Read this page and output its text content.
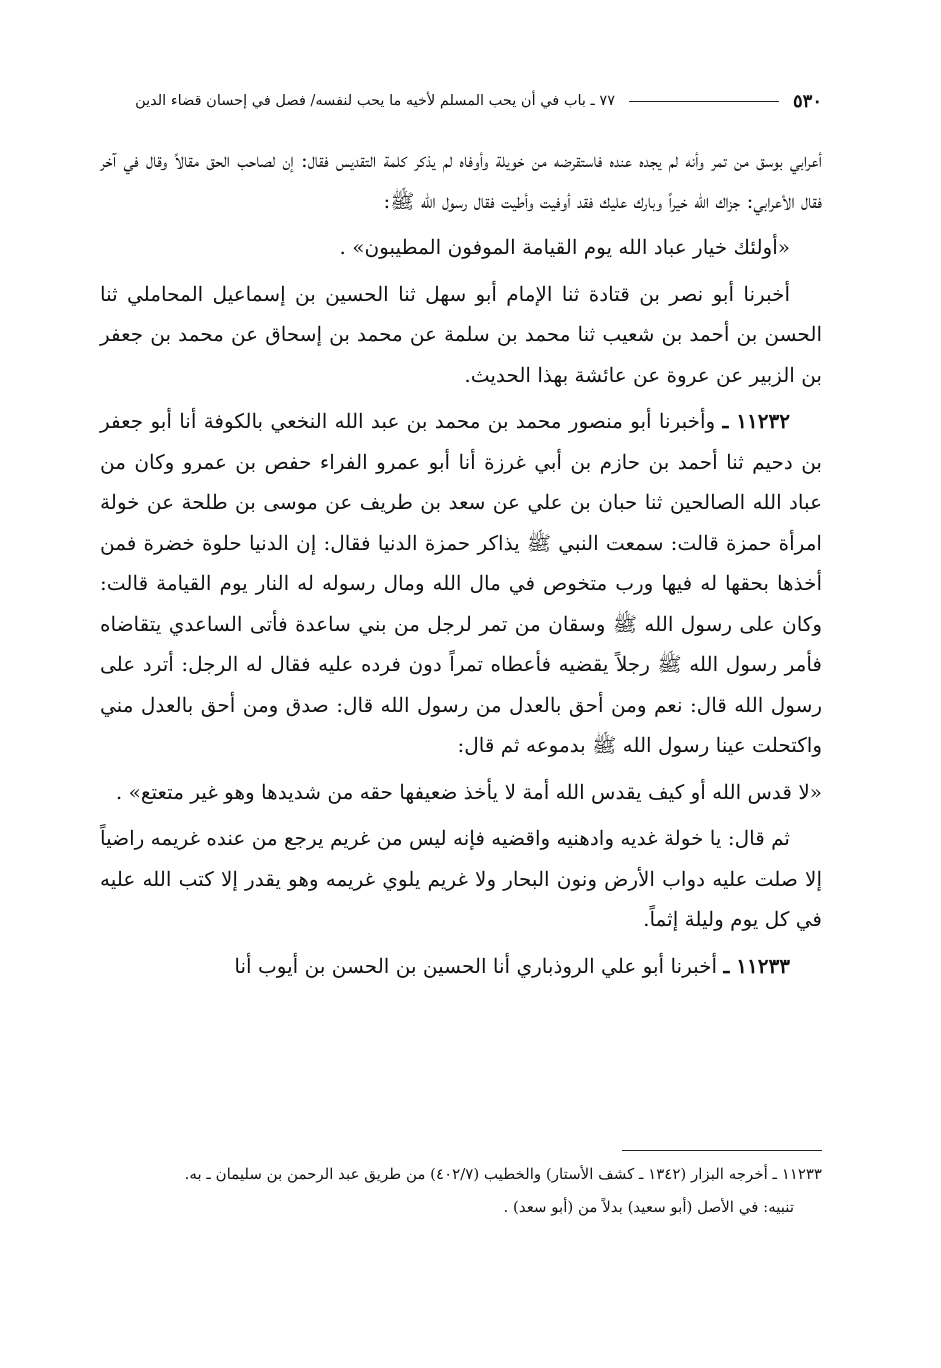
٥٣٠
٧٧ ـ باب في أن يحب المسلم لأخيه ما يحب لنفسه/ فصل في إحسان قضاء الدين

أعرابي بوسق من تمر وأنه لم يجده عنده فاستقرضه من خويلة وأوفاه لم يذكر كلمة التقديس فقال: إن لصاحب الحق مقالاً وقال في آخر فقال الأعرابي: جزاك الله خيراً وبارك عليك فقد أوفيت وأطيت فقال رسول الله ﷺ:

«أولئك خيار عباد الله يوم القيامة الموفون المطيبون» .

أخبرنا أبو نصر بن قتادة ثنا الإمام أبو سهل ثنا الحسين بن إسماعيل المحاملي ثنا الحسن بن أحمد بن شعيب ثنا محمد بن سلمة عن محمد بن إسحاق عن محمد بن جعفر بن الزبير عن عروة عن عائشة بهذا الحديث.

١١٢٣٢ ـ وأخبرنا أبو منصور محمد بن محمد بن عبد الله النخعي بالكوفة أنا أبو جعفر بن دحيم ثنا أحمد بن حازم بن أبي غرزة أنا أبو عمرو الفراء حفص بن عمرو وكان من عباد الله الصالحين ثنا حبان بن علي عن سعد بن طريف عن موسى بن طلحة عن خولة امرأة حمزة قالت: سمعت النبي ﷺ يذاكر حمزة الدنيا فقال: إن الدنيا حلوة خضرة فمن أخذها بحقها له فيها ورب متخوص في مال الله ومال رسوله له النار يوم القيامة قالت: وكان على رسول الله ﷺ وسقان من تمر لرجل من بني ساعدة فأتى الساعدي يتقاضاه فأمر رسول الله ﷺ رجلاً يقضيه فأعطاه تمراً دون فرده عليه فقال له الرجل: أترد على رسول الله قال: نعم ومن أحق بالعدل من رسول الله قال: صدق ومن أحق بالعدل مني واكتحلت عينا رسول الله ﷺ بدموعه ثم قال:

«لا قدس الله أو كيف يقدس الله أمة لا يأخذ ضعيفها حقه من شديدها وهو غير متعتع» .

ثم قال: يا خولة غديه وادهنيه واقضيه فإنه ليس من غريم يرجع من عنده غريمه راضياً إلا صلت عليه دواب الأرض ونون البحار ولا غريم يلوي غريمه وهو يقدر إلا كتب الله عليه في كل يوم وليلة إثماً.

١١٢٣٣ ـ أخبرنا أبو علي الروذباري أنا الحسين بن الحسن بن أيوب أنا

١١٢٣٣ ـ أخرجه البزار (١٣٤٢ ـ كشف الأستار) والخطيب (٤٠٢/٧) من طريق عبد الرحمن بن سليمان ـ به.

تنبيه: في الأصل (أبو سعيد) بدلاً من (أبو سعد) .
